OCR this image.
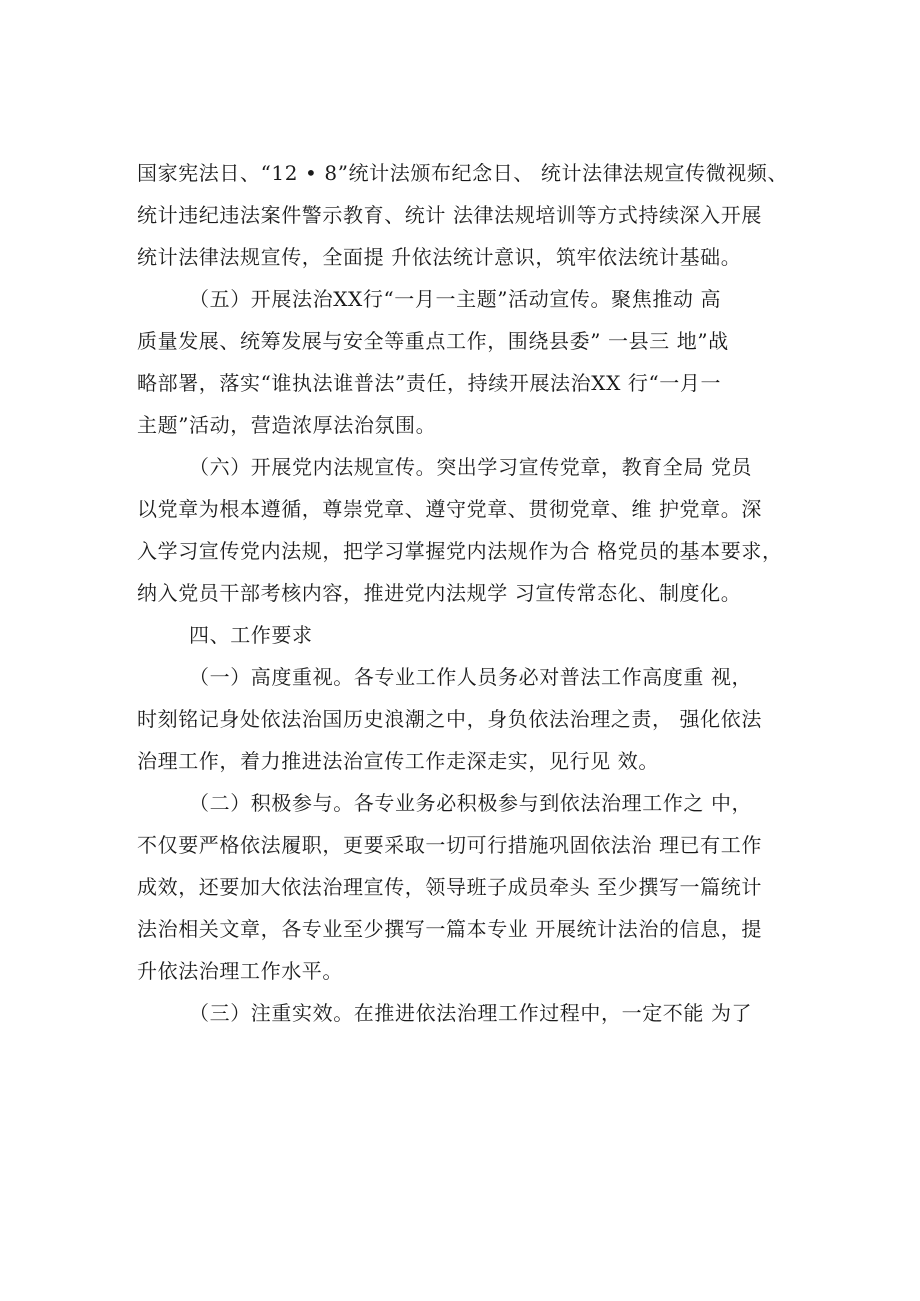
国家宪法日、“12 • 8”统计法颁布纪念日、 统计法律法规宣传微视频、
统计违纪违法案件警示教育、统计 法律法规培训等方式持续深入开展
统计法律法规宣传，全面提 升依法统计意识，筑牢依法统计基础。
（五）开展法治XX行“一月一主题”活动宣传。聚焦推动 高
质量发展、统筹发展与安全等重点工作，围绕县委” 一县三 地”战
略部署，落实“谁执法谁普法”责任，持续开展法治XX 行“一月一
主题”活动，营造浓厚法治氛围。
（六）开展党内法规宣传。突出学习宣传党章，教育全局 党员
以党章为根本遵循，尊崇党章、遵守党章、贯彻党章、维 护党章。深
入学习宣传党内法规，把学习掌握党内法规作为合 格党员的基本要求，
纳入党员干部考核内容，推进党内法规学 习宣传常态化、制度化。
四、工作要求
（一）高度重视。各专业工作人员务必对普法工作高度重 视，
时刻铭记身处依法治国历史浪潮之中，身负依法治理之责， 强化依法
治理工作，着力推进法治宣传工作走深走实，见行见 效。
（二）积极参与。各专业务必积极参与到依法治理工作之 中，
不仅要严格依法履职，更要采取一切可行措施巩固依法治 理已有工作
成效，还要加大依法治理宣传，领导班子成员牵头 至少撰写一篇统计
法治相关文章，各专业至少撰写一篇本专业 开展统计法治的信息，提
升依法治理工作水平。
（三）注重实效。在推进依法治理工作过程中，一定不能 为了
